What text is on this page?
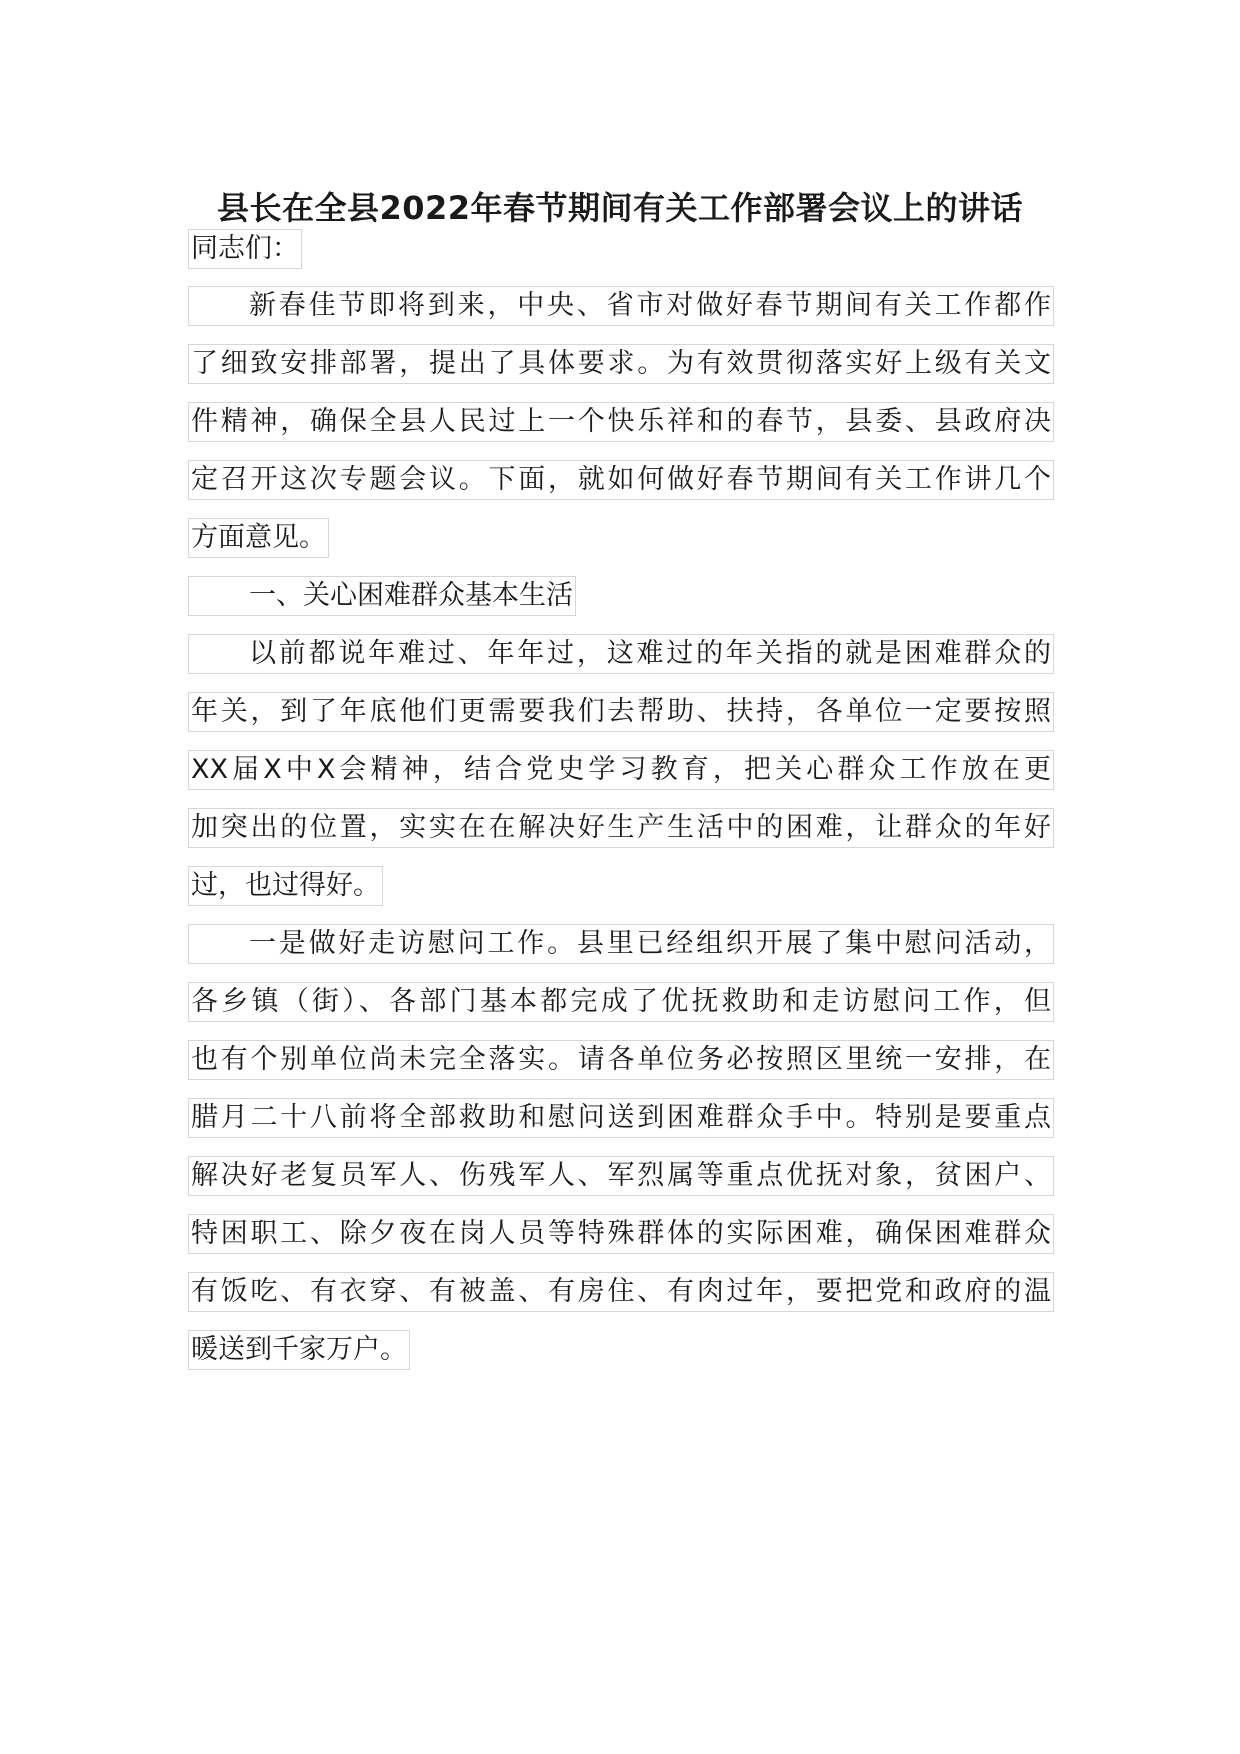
县长在全县2022年春节期间有关工作部署会议上的讲话
同志们：
新春佳节即将到来，中央、省市对做好春节期间有关工作都作
了细致安排部署，提出了具体要求。为有效贯彻落实好上级有关文
件精神，确保全县人民过上一个快乐祥和的春节，县委、县政府决
定召开这次专题会议。下面，就如何做好春节期间有关工作讲几个
方面意见。
一、关心困难群众基本生活
以前都说年难过、年年过，这难过的年关指的就是困难群众的
年关，到了年底他们更需要我们去帮助、扶持，各单位一定要按照
XX届X中X会精神，结合党史学习教育，把关心群众工作放在更
加突出的位置，实实在在解决好生产生活中的困难，让群众的年好
过，也过得好。
一是做好走访慰问工作。县里已经组织开展了集中慰问活动，
各乡镇（街）、各部门基本都完成了优抚救助和走访慰问工作，但
也有个别单位尚未完全落实。请各单位务必按照区里统一安排，在
腊月二十八前将全部救助和慰问送到困难群众手中。特别是要重点
解决好老复员军人、伤残军人、军烈属等重点优抚对象，贫困户、
特困职工、除夕夜在岗人员等特殊群体的实际困难，确保困难群众
有饭吃、有衣穿、有被盖、有房住、有肉过年，要把党和政府的温
暖送到千家万户。
